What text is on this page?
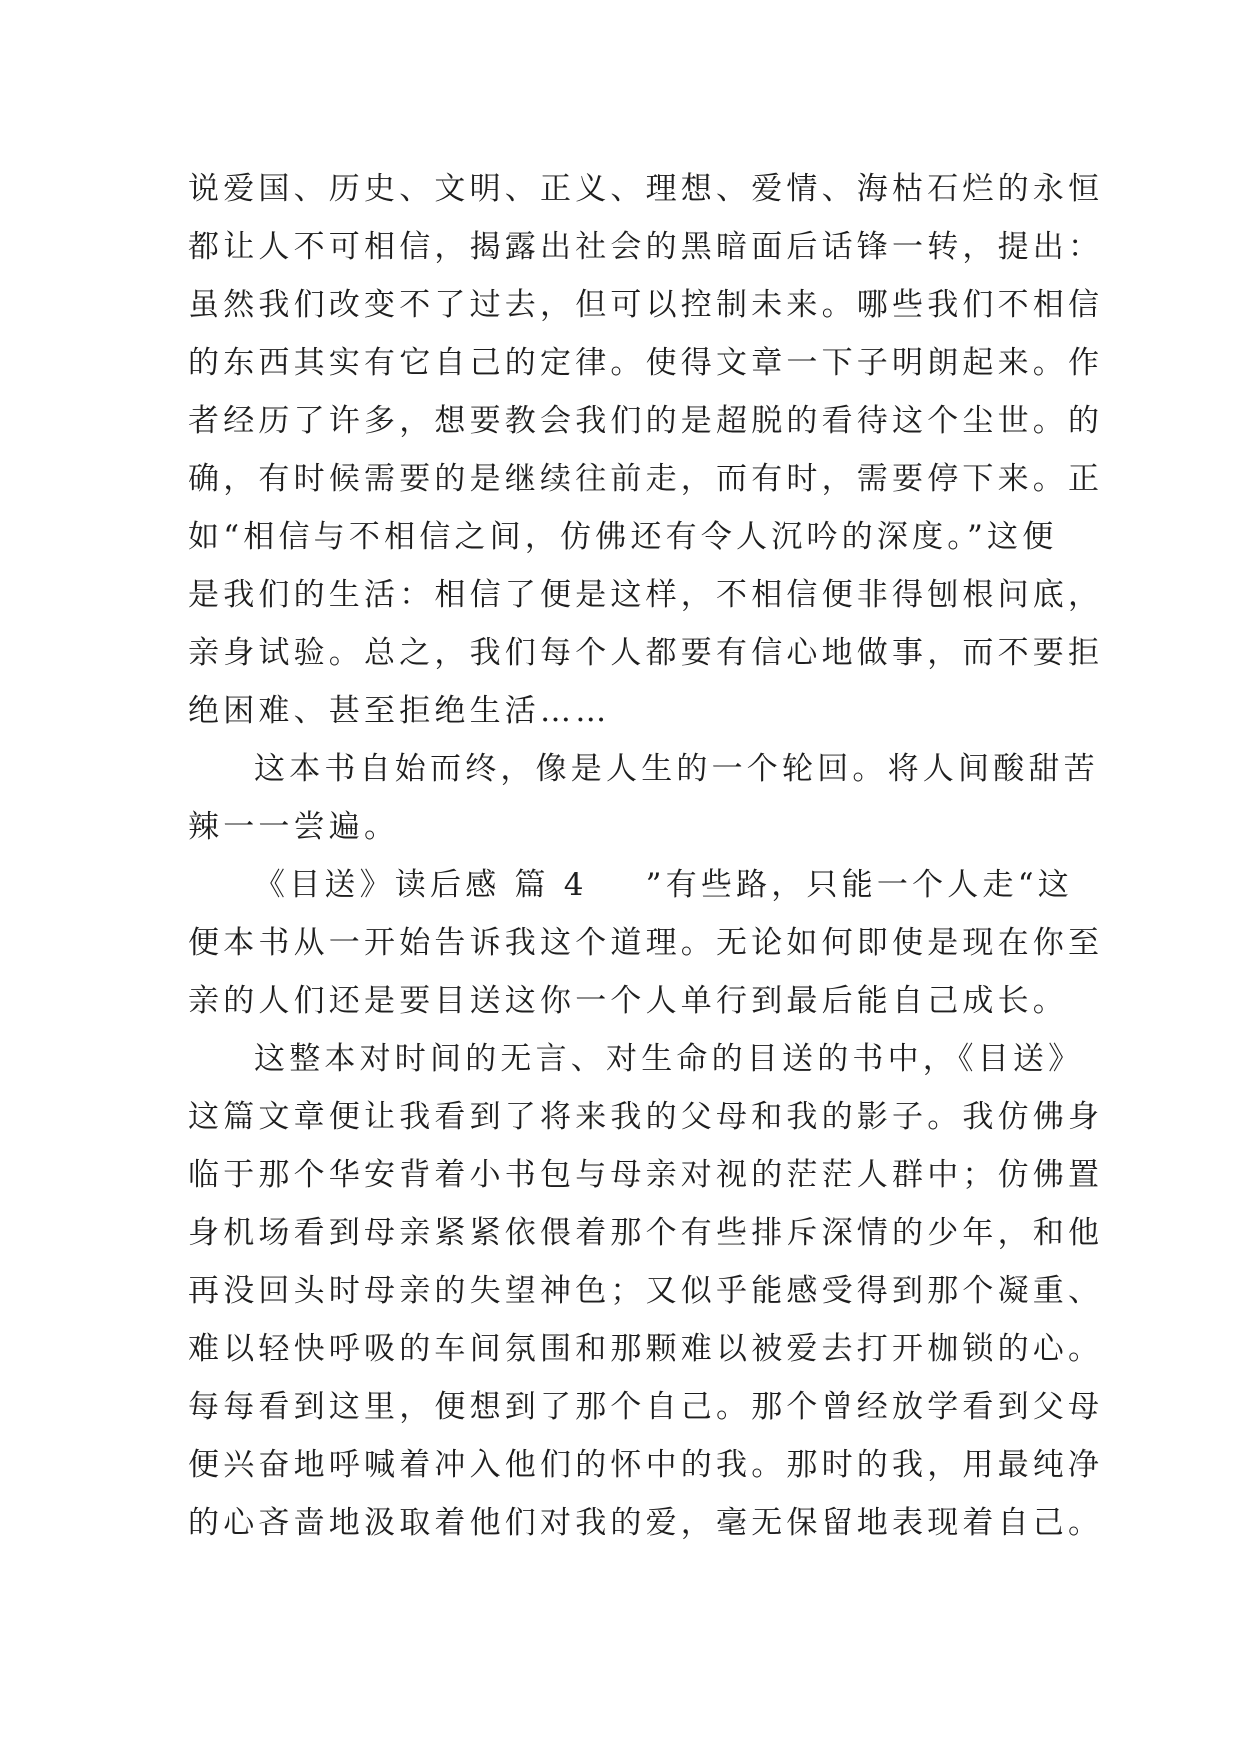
说爱国、历史、文明、正义、理想、爱情、海枯石烂的永恒
都让人不可相信，揭露出社会的黑暗面后话锋一转，提出：
虽然我们改变不了过去，但可以控制未来。哪些我们不相信
的东西其实有它自己的定律。使得文章一下子明朗起来。作
者经历了许多，想要教会我们的是超脱的看待这个尘世。的
确，有时候需要的是继续往前走，而有时，需要停下来。正
如“相信与不相信之间，仿佛还有令人沉吟的深度。”这便
是我们的生活：相信了便是这样，不相信便非得刨根问底，
亲身试验。总之，我们每个人都要有信心地做事，而不要拒
绝困难、甚至拒绝生活……
这本书自始而终，像是人生的一个轮回。将人间酸甜苦
辣一一尝遍。
《目送》读后感 篇 4 ”有些路，只能一个人走“这
便本书从一开始告诉我这个道理。无论如何即使是现在你至
亲的人们还是要目送这你一个人单行到最后能自己成长。
这整本对时间的无言、对生命的目送的书中，《目送》
这篇文章便让我看到了将来我的父母和我的影子。我仿佛身
临于那个华安背着小书包与母亲对视的茫茫人群中；仿佛置
身机场看到母亲紧紧依偎着那个有些排斥深情的少年，和他
再没回头时母亲的失望神色；又似乎能感受得到那个凝重、
难以轻快呼吸的车间氛围和那颗难以被爱去打开枷锁的心。
每每看到这里，便想到了那个自己。那个曾经放学看到父母
便兴奋地呼喊着冲入他们的怀中的我。那时的我，用最纯净
的心吝啬地汲取着他们对我的爱，毫无保留地表现着自己。
